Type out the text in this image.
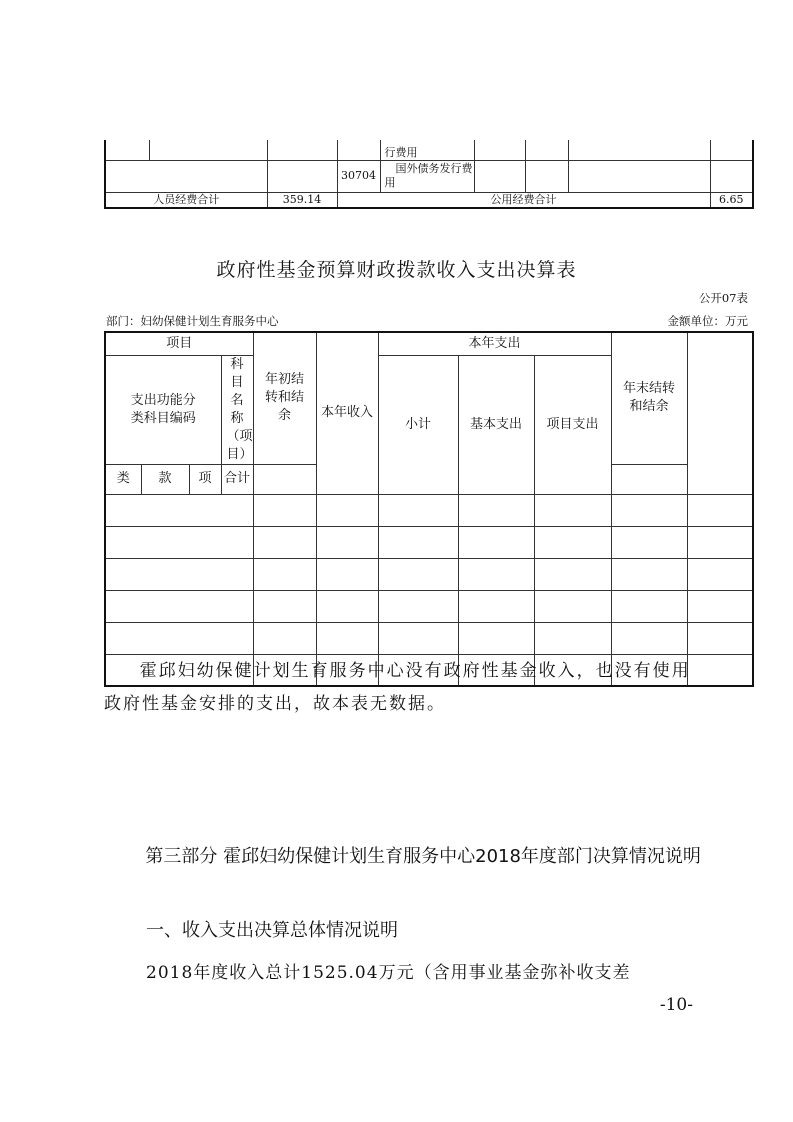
				行费用				
			30704	国外债务发行费用				
人员经费合计		359.14	公用经费合计					6.65
政府性基金预算财政拨款收入支出决算表
公开07表
部门：妇幼保健计划生育服务中心	金额单位：万元
项目				年初结转和结余	本年收入	本年支出			年末结转和结余	
支出功能分类科目编码			科目名称（项目）			小计	基本支出	项目支出		
类	款	项	合计							

霍邱妇幼保健计划生育服务中心没有政府性基金收入，也没有使用政府性基金安排的支出，故本表无数据。
第三部分 霍邱妇幼保健计划生育服务中心2018年度部门决算情况说明
一、收入支出决算总体情况说明
2018年度收入总计1525.04万元（含用事业基金弥补收支差
-10-
